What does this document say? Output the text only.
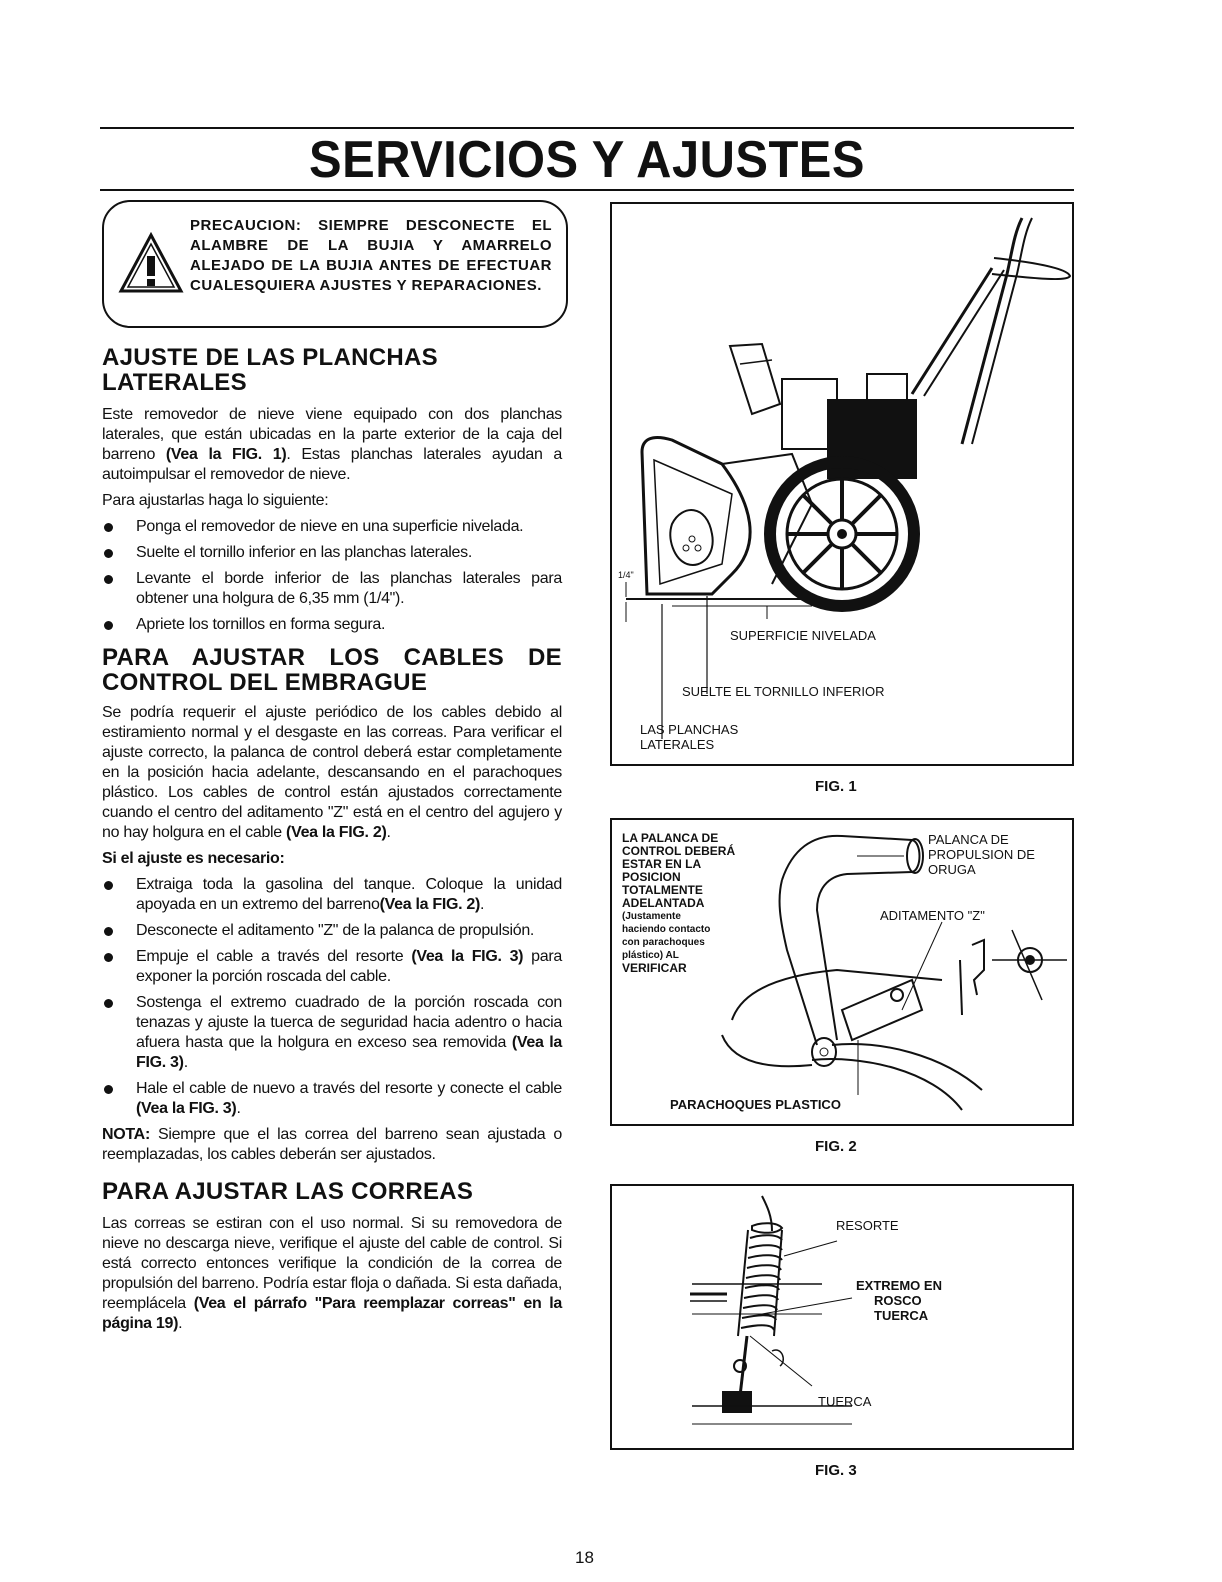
SERVICIOS Y AJUSTES
PRECAUCION: SIEMPRE DESCONECTE EL ALAMBRE DE LA BUJIA Y AMARRELO ALEJADO DE LA BUJIA ANTES DE EFECTUAR CUALESQUIERA AJUSTES Y REPARACIONES.
AJUSTE DE LAS PLANCHAS LATERALES

Este removedor de nieve viene equipado con dos planchas laterales, que están ubicadas en la parte exterior de la caja del barreno (Vea la FIG. 1). Estas planchas laterales ayudan a autoimpulsar el removedor de nieve.

Para ajustarlas haga lo siguiente:

Ponga el removedor de nieve en una superficie nivelada.
Suelte el tornillo inferior en las planchas laterales.
Levante el borde inferior de las planchas laterales para obtener una holgura de 6,35 mm (1/4").
Apriete los tornillos en forma segura.
PARA AJUSTAR LOS CABLES DE CONTROL DEL EMBRAGUE

Se podría requerir el ajuste periódico de los cables debido al estiramiento normal y el desgaste en las correas. Para verificar el ajuste correcto, la palanca de control deberá estar completamente en la posición hacia adelante, descansando en el parachoques plástico. Los cables de control están ajustados correctamente cuando el centro del aditamento "Z" está en el centro del agujero y no hay holgura en el cable (Vea la FIG. 2).

Si el ajuste es necesario:

Extraiga toda la gasolina del tanque. Coloque la unidad apoyada en un extremo del barreno(Vea la FIG. 2).
Desconecte el aditamento "Z" de la palanca de propulsión.
Empuje el cable a través del resorte (Vea la FIG. 3) para exponer la porción roscada del cable.
Sostenga el extremo cuadrado de la porción roscada con tenazas y ajuste la tuerca de seguridad hacia adentro o hacia afuera hasta que la holgura en exceso sea removida (Vea la FIG. 3).
Hale el cable de nuevo a través del resorte y conecte el cable (Vea la FIG. 3).

NOTA: Siempre que el las correa del barreno sean ajustada o reemplazadas, los cables deberán ser ajustados.

PARA AJUSTAR LAS CORREAS

Las correas se estiran con el uso normal. Si su removedora de nieve no descarga nieve, verifique el ajuste del cable de control. Si está correcto entonces verifique la condición de la correa de propulsión del barreno. Podría estar floja o dañada. Si esta dañada, reemplácela (Vea el párrafo "Para reemplazar correas" en la página 19).

1/4"
SUPERFICIE NIVELADA
SUELTE EL TORNILLO INFERIOR
LAS PLANCHAS
LATERALES
FIG. 1
LA PALANCA DE
CONTROL DEBERÁ
ESTAR EN LA
POSICION
TOTALMENTE
ADELANTADA
(Justamente
haciendo contacto
con parachoques
plástico) AL
VERIFICAR
PALANCA DE
PROPULSION DE
ORUGA
ADITAMENTO "Z"
PARACHOQUES PLASTICO
FIG. 2
RESORTE
EXTREMO EN
ROSCO
TUERCA
TUERCA
FIG. 3
18
